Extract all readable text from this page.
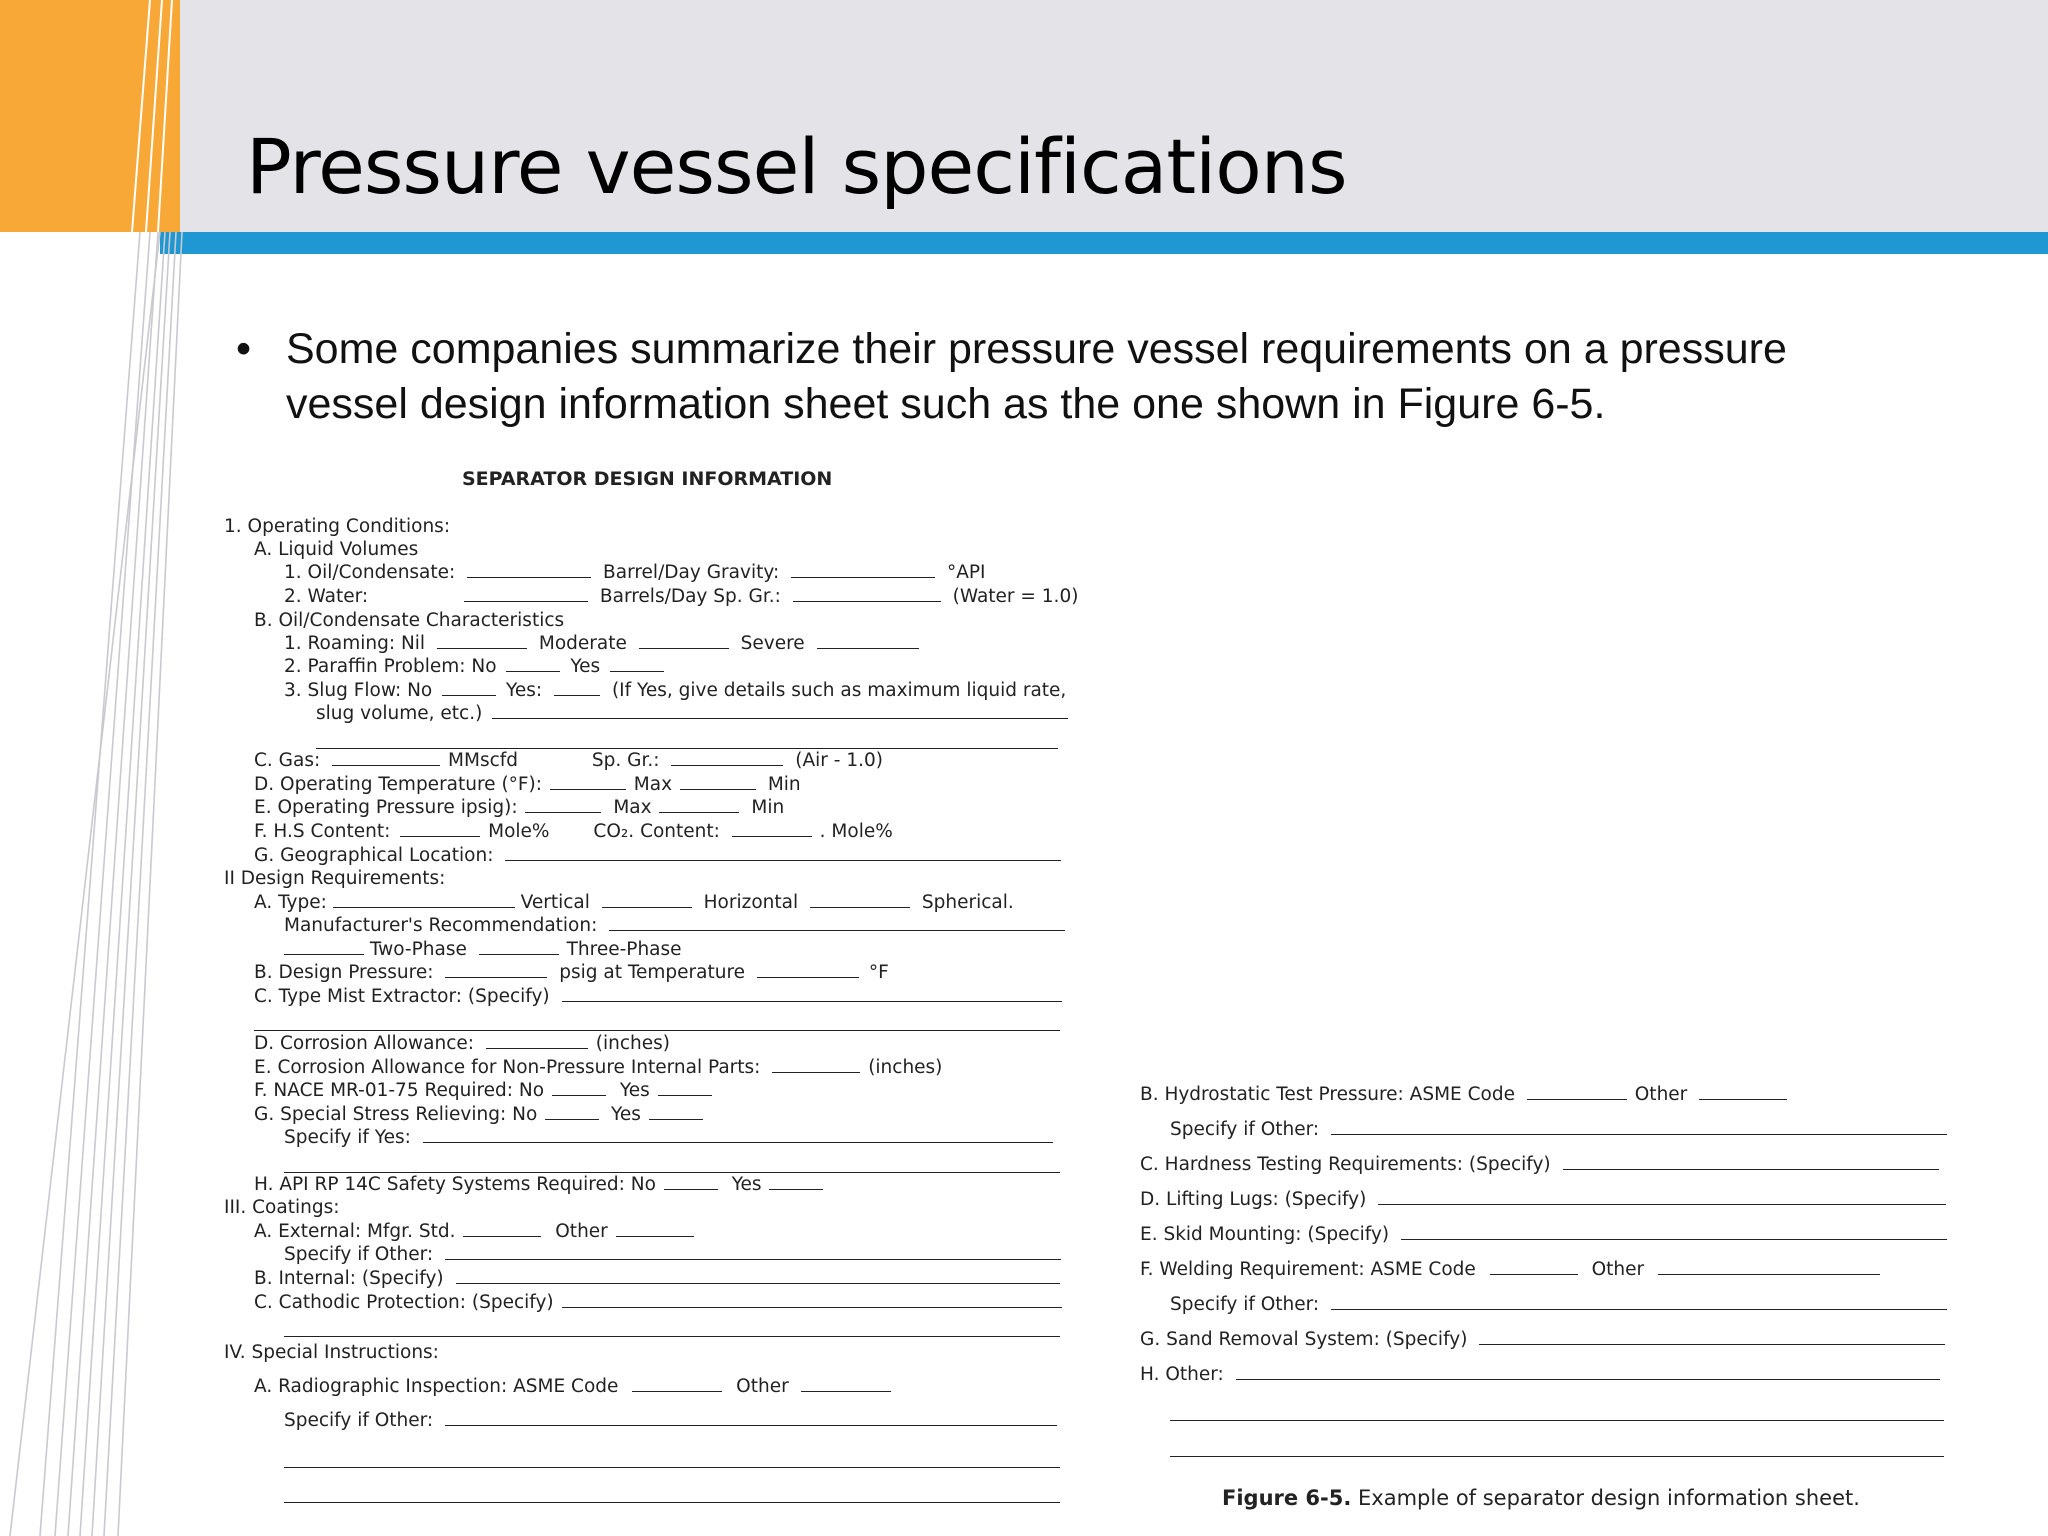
Pressure vessel specifications
• Some companies summarize their pressure vessel requirements on a pressure vessel design information sheet such as the one shown in Figure 6-5.
SEPARATOR DESIGN INFORMATION
1. Operating Conditions:
A. Liquid Volumes
1. Oil/Condensate:	Barrel/Day Gravity:	°API
2. Water:	Barrels/Day Sp. Gr.:	(Water = 1.0)
B. Oil/Condensate Characteristics
1. Roaming: Nil	Moderate	Severe
2. Paraffin Problem: No	Yes
3. Slug Flow: No	Yes:	(If Yes, give details such as maximum liquid rate,
slug volume, etc.)
C. Gas:	MMscfd	Sp. Gr.:	(Air - 1.0)
D. Operating Temperature (°F):	Max	Min
E. Operating Pressure ipsig):	Max	Min
F. H.S Content:	Mole% CO₂. Content:	. Mole%
G. Geographical Location:
II Design Requirements:
A. Type:	Vertical	Horizontal	Spherical.
Manufacturer's Recommendation:
Two-Phase	Three-Phase
B. Design Pressure:	psig at Temperature	°F
C. Type Mist Extractor: (Specify)
D. Corrosion Allowance:	(inches)
E. Corrosion Allowance for Non-Pressure Internal Parts:	(inches)
F. NACE MR-01-75 Required: No	Yes
G. Special Stress Relieving: No	Yes
Specify if Yes:
H. API RP 14C Safety Systems Required: No	Yes
III. Coatings:
A. External: Mfgr. Std.	Other
Specify if Other:
B. Internal: (Specify)
C. Cathodic Protection: (Specify)
IV. Special Instructions:
A. Radiographic Inspection: ASME Code	Other
Specify if Other:
B. Hydrostatic Test Pressure: ASME Code	Other
Specify if Other:
C. Hardness Testing Requirements: (Specify)
D. Lifting Lugs: (Specify)
E. Skid Mounting: (Specify)
F. Welding Requirement: ASME Code	Other
Specify if Other:
G. Sand Removal System: (Specify)
H. Other:
Figure 6-5. Example of separator design information sheet.
